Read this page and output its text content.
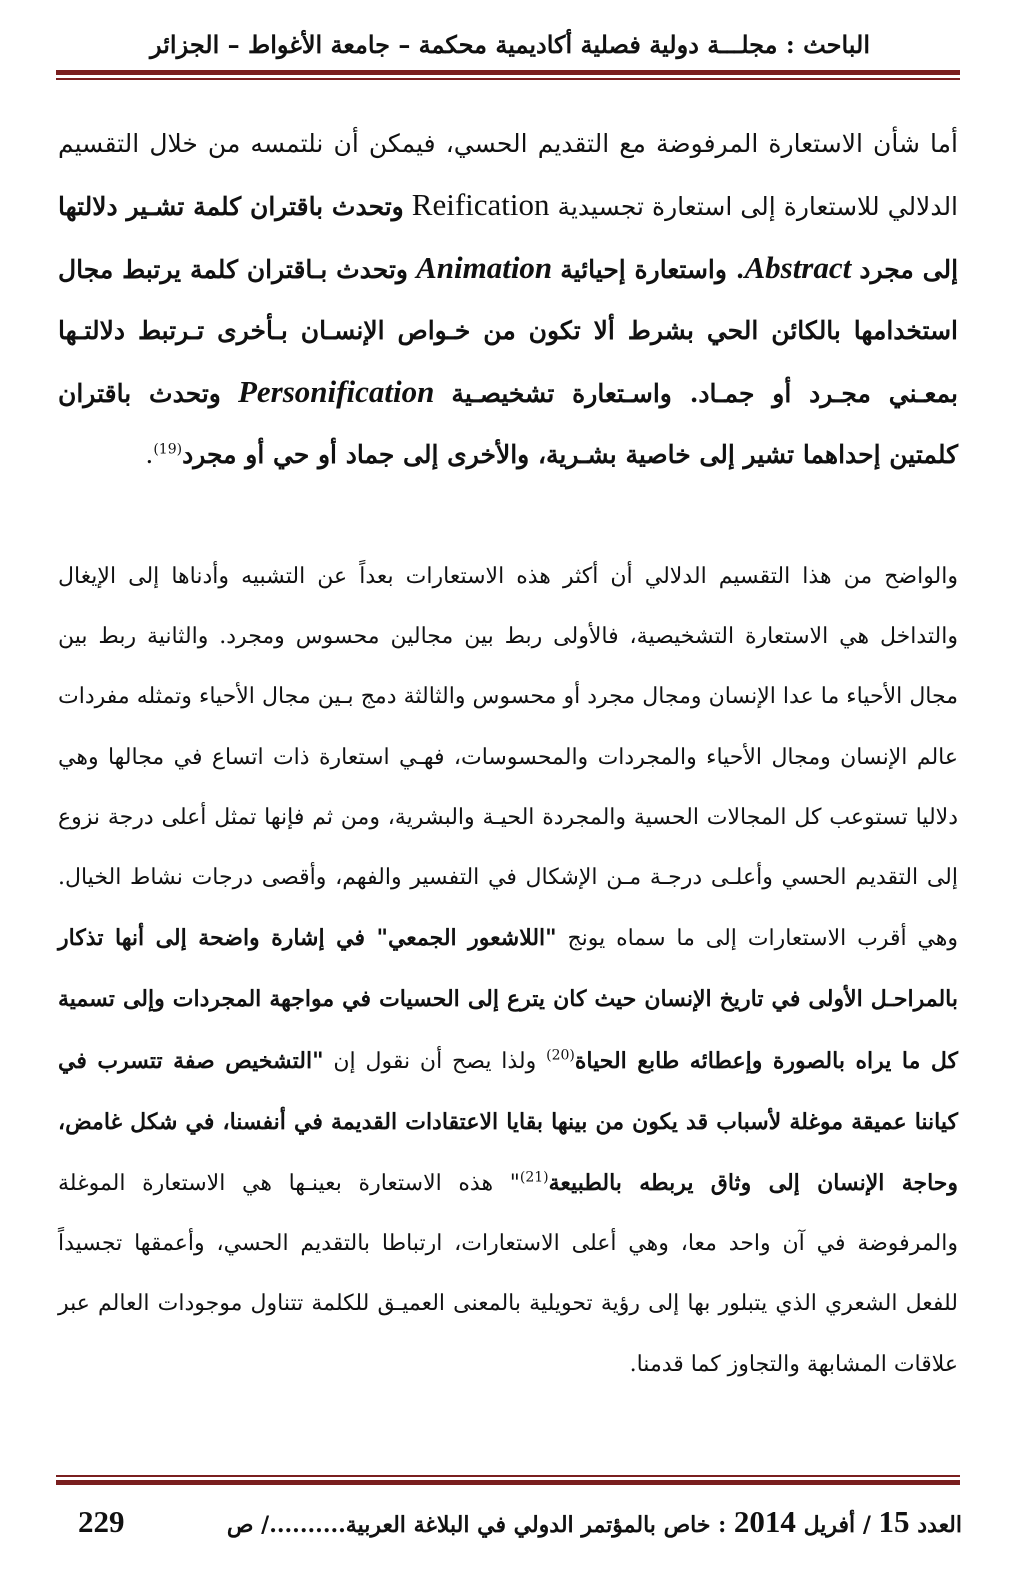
الباحث : مجلـــة دولية فصلية أكاديمية محكمة – جامعة الأغواط – الجزائر

أما شأن الاستعارة المرفوضة مع التقديم الحسي، فيمكن أن نلتمسه من خلال التقسيم الدلالي للاستعارة إلى استعارة تجسيدية Reification وتحدث باقتران كلمة تشـير دلالتها إلى مجرد Abstract. واستعارة إحيائية Animation وتحدث بـاقتران كلمة يرتبط مجال استخدامها بالكائن الحي بشرط ألا تكون من خـواص الإنسـان بـأخرى تـرتبط دلالتـها بمعـني مجـرد أو جمـاد. واسـتعارة تشخيصـية Personification وتحدث باقتران كلمتين إحداهما تشير إلى خاصية بشـرية، والأخرى إلى جماد أو حي أو مجرد$^{(19)}$.

والواضح من هذا التقسيم الدلالي أن أكثر هذه الاستعارات بعداً عن التشبيه وأدناها إلى الإيغال والتداخل هي الاستعارة التشخيصية، فالأولى ربط بين مجالين محسوس ومجرد. والثانية ربط بين مجال الأحياء ما عدا الإنسان ومجال مجرد أو محسوس والثالثة دمج بـين مجال الأحياء وتمثله مفردات عالم الإنسان ومجال الأحياء والمجردات والمحسوسات، فهـي استعارة ذات اتساع في مجالها وهي دلاليا تستوعب كل المجالات الحسية والمجردة الحيـة والبشرية، ومن ثم فإنها تمثل أعلى درجة نزوع إلى التقديم الحسي وأعلـى درجـة مـن الإشكال في التفسير والفهم، وأقصى درجات نشاط الخيال. وهي أقرب الاستعارات إلى ما سماه يونج "اللاشعور الجمعي" في إشارة واضحة إلى أنها تذكار بالمراحـل الأولى في تاريخ الإنسان حيث كان يترع إلى الحسيات في مواجهة المجردات وإلى تسمية كل ما يراه بالصورة وإعطائه طابع الحياة$^{(20)}$ ولذا يصح أن نقول إن "التشخيص صفة تتسرب في كياننا عميقة موغلة لأسباب قد يكون من بينها بقايا الاعتقادات القديمة في أنفسنا، في شكل غامض، وحاجة الإنسان إلى وثاق يربطه بالطبيعة$^{(21)}$" هذه الاستعارة بعينـها هي الاستعارة الموغلة والمرفوضة في آن واحد معا، وهي أعلى الاستعارات، ارتباطا بالتقديم الحسي، وأعمقها تجسيداً للفعل الشعري الذي يتبلور بها إلى رؤية تحويلية بالمعنى العميـق للكلمة تتناول موجودات العالم عبر علاقات المشابهة والتجاوز كما قدمنا.

العدد 15 / أفريل 2014 : خاص بالمؤتمر الدولي في البلاغة العربية........../ ص
229
